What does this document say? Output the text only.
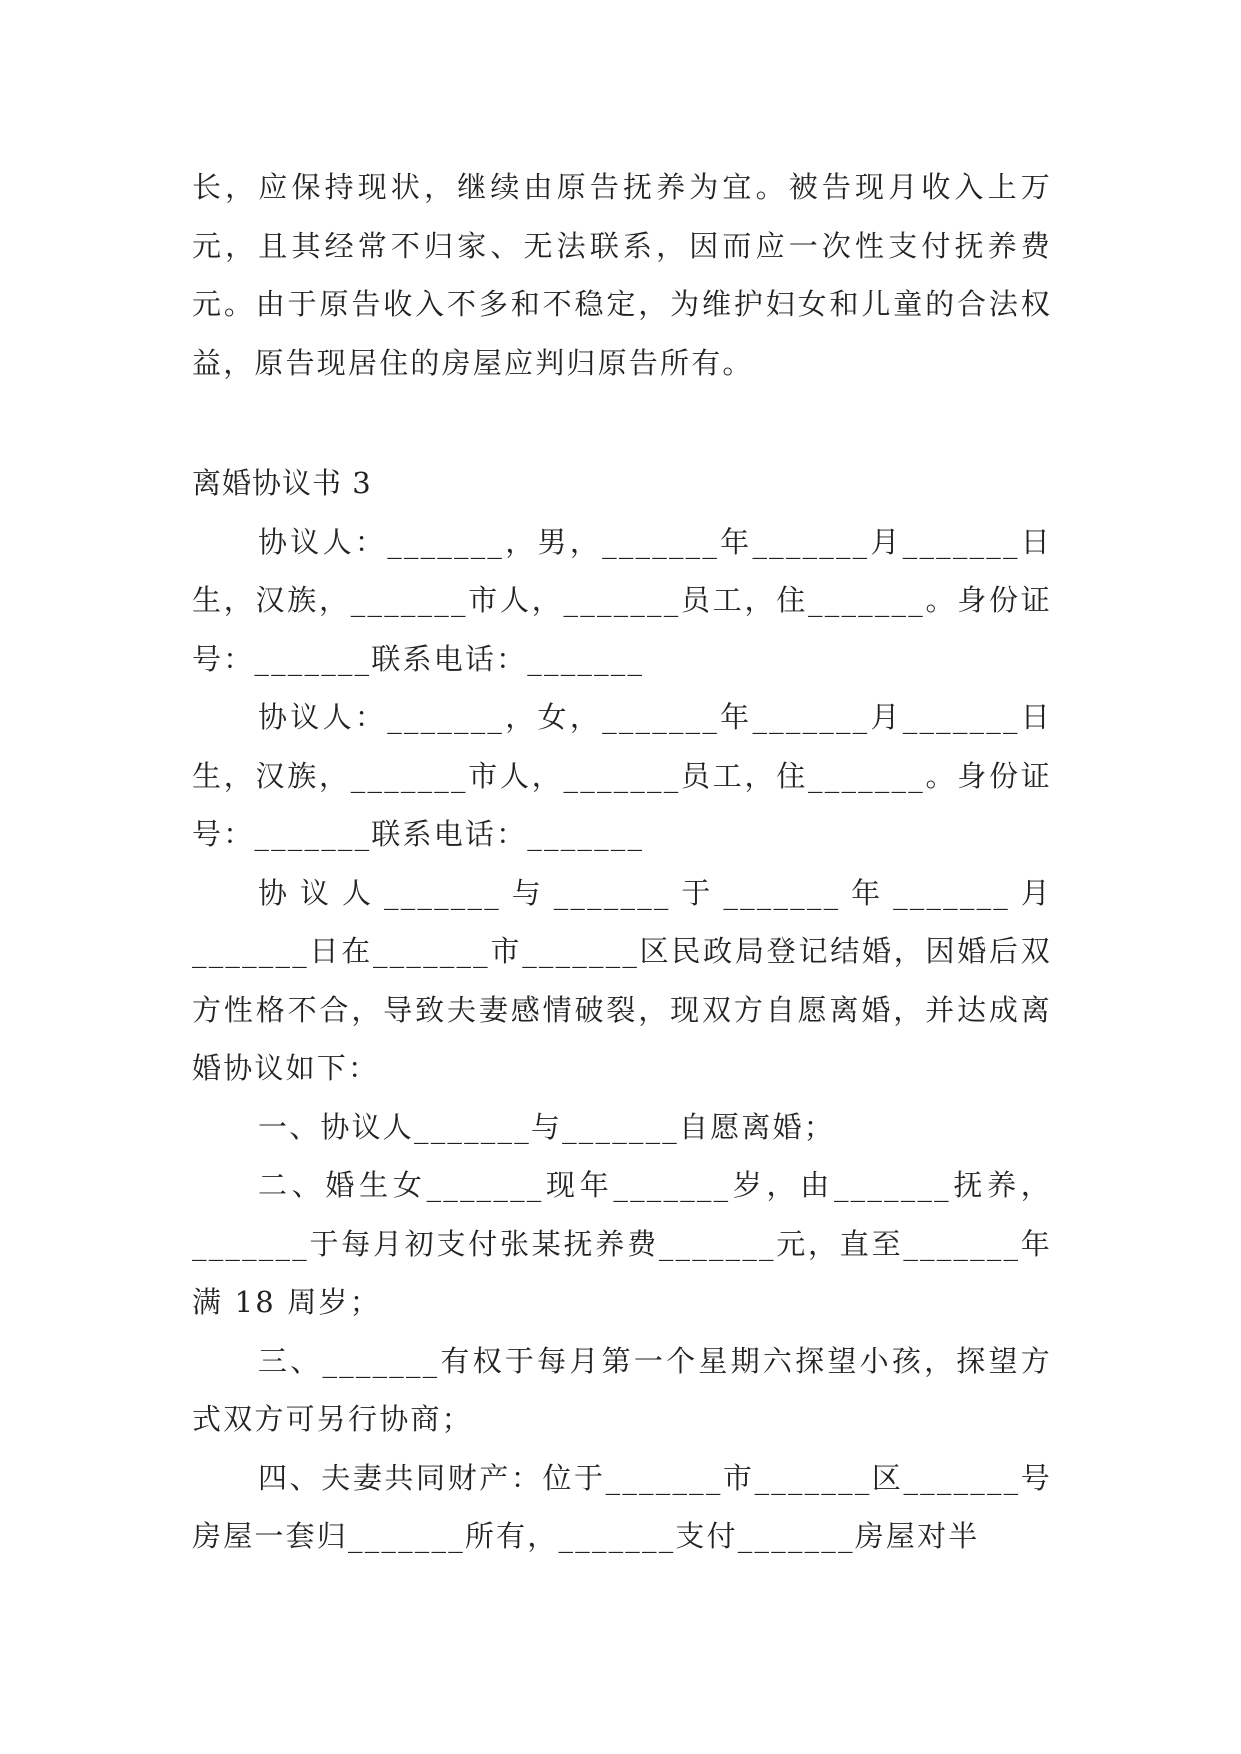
长，应保持现状，继续由原告抚养为宜。被告现月收入上万元，且其经常不归家、无法联系，因而应一次性支付抚养费元。由于原告收入不多和不稳定，为维护妇女和儿童的合法权益，原告现居住的房屋应判归原告所有。

离婚协议书 3

协议人：_______，男，_______年_______月_______日生，汉族，_______市人，_______员工，住_______。身份证号：_______联系电话：_______

协议人：_______，女，_______年_______月_______日生，汉族，_______市人，_______员工，住_______。身份证号：_______联系电话：_______

协议人_______与_______于_______年_______月_______日在_______市_______区民政局登记结婚，因婚后双方性格不合，导致夫妻感情破裂，现双方自愿离婚，并达成离婚协议如下：

一、协议人_______与_______自愿离婚；

二、婚生女_______现年_______岁，由_______抚养，_______于每月初支付张某抚养费_______元，直至_______年满 18 周岁；

三、_______有权于每月第一个星期六探望小孩，探望方式双方可另行协商；

四、夫妻共同财产：位于_______市_______区_______号房屋一套归_______所有，_______支付_______房屋对半
